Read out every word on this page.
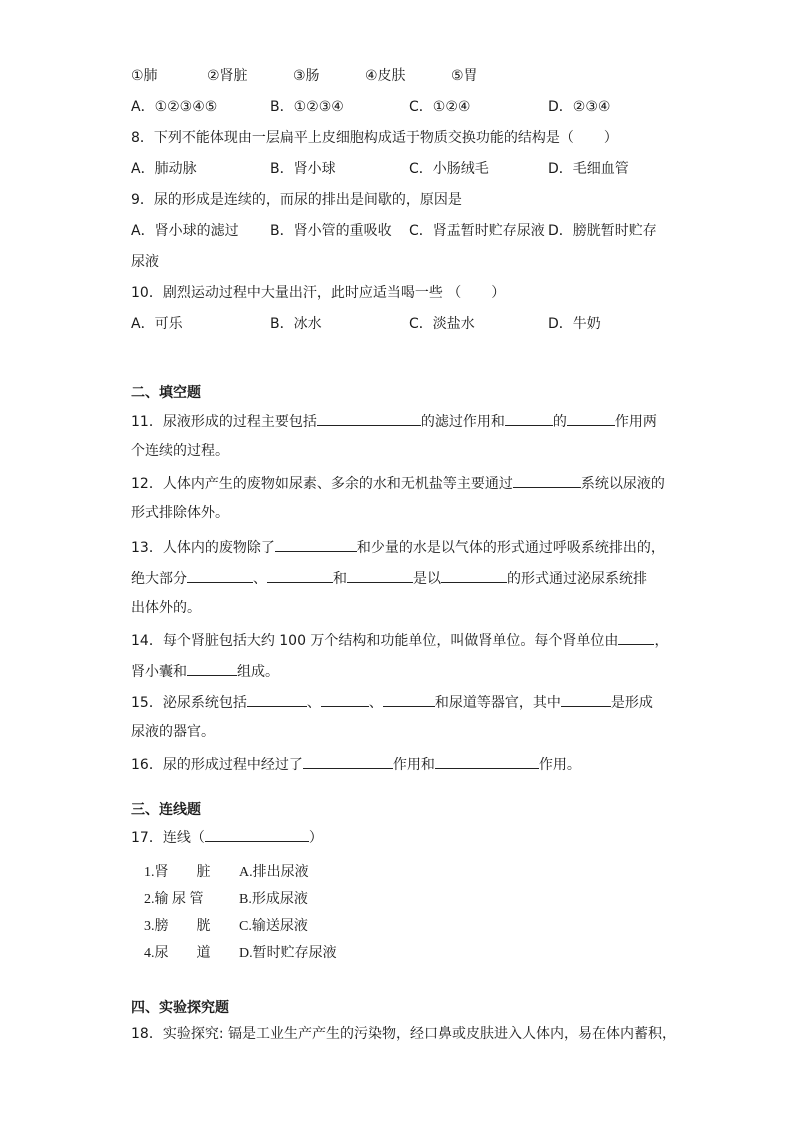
①肺	②肾脏	③肠	④皮肤	⑤胃
A．①②③④⑤	B．①②③④	C．①②④	D．②③④
8．下列不能体现由一层扁平上皮细胞构成适于物质交换功能的结构是（ ）
A．肺动脉	B．肾小球	C．小肠绒毛	D．毛细血管
9．尿的形成是连续的，而尿的排出是间歇的，原因是
A．肾小球的滤过 B．肾小管的重吸收 C．肾盂暂时贮存尿液 D．膀胱暂时贮存
尿液
10．剧烈运动过程中大量出汗，此时应适当喝一些 （ ）
A．可乐	B．冰水	C．淡盐水	D．牛奶
二、填空题
11．尿液形成的过程主要包括	的滤过作用和	的	作用两
个连续的过程。
12．人体内产生的废物如尿素、多余的水和无机盐等主要通过	系统以尿液的
形式排除体外。
13．人体内的废物除了	和少量的水是以气体的形式通过呼吸系统排出的，
绝大部分	、	和	是以	的形式通过泌尿系统排
出体外的。
14．每个肾脏包括大约 100 万个结构和功能单位，叫做肾单位。每个肾单位由	，
肾小囊和	组成。
15．泌尿系统包括	、	、	和尿道等器官，其中	是形成
尿液的器官。
16．尿的形成过程中经过了	作用和	作用。
三、连线题
17．连线（	）
1.肾　　脏	A.排出尿液
2.输 尿 管	B.形成尿液
3.膀　　胱	C.输送尿液
4.尿　　道	D.暂时贮存尿液
四、实验探究题
18．实验探究: 镉是工业生产产生的污染物，经口鼻或皮肤进入人体内，易在体内蓄积，
